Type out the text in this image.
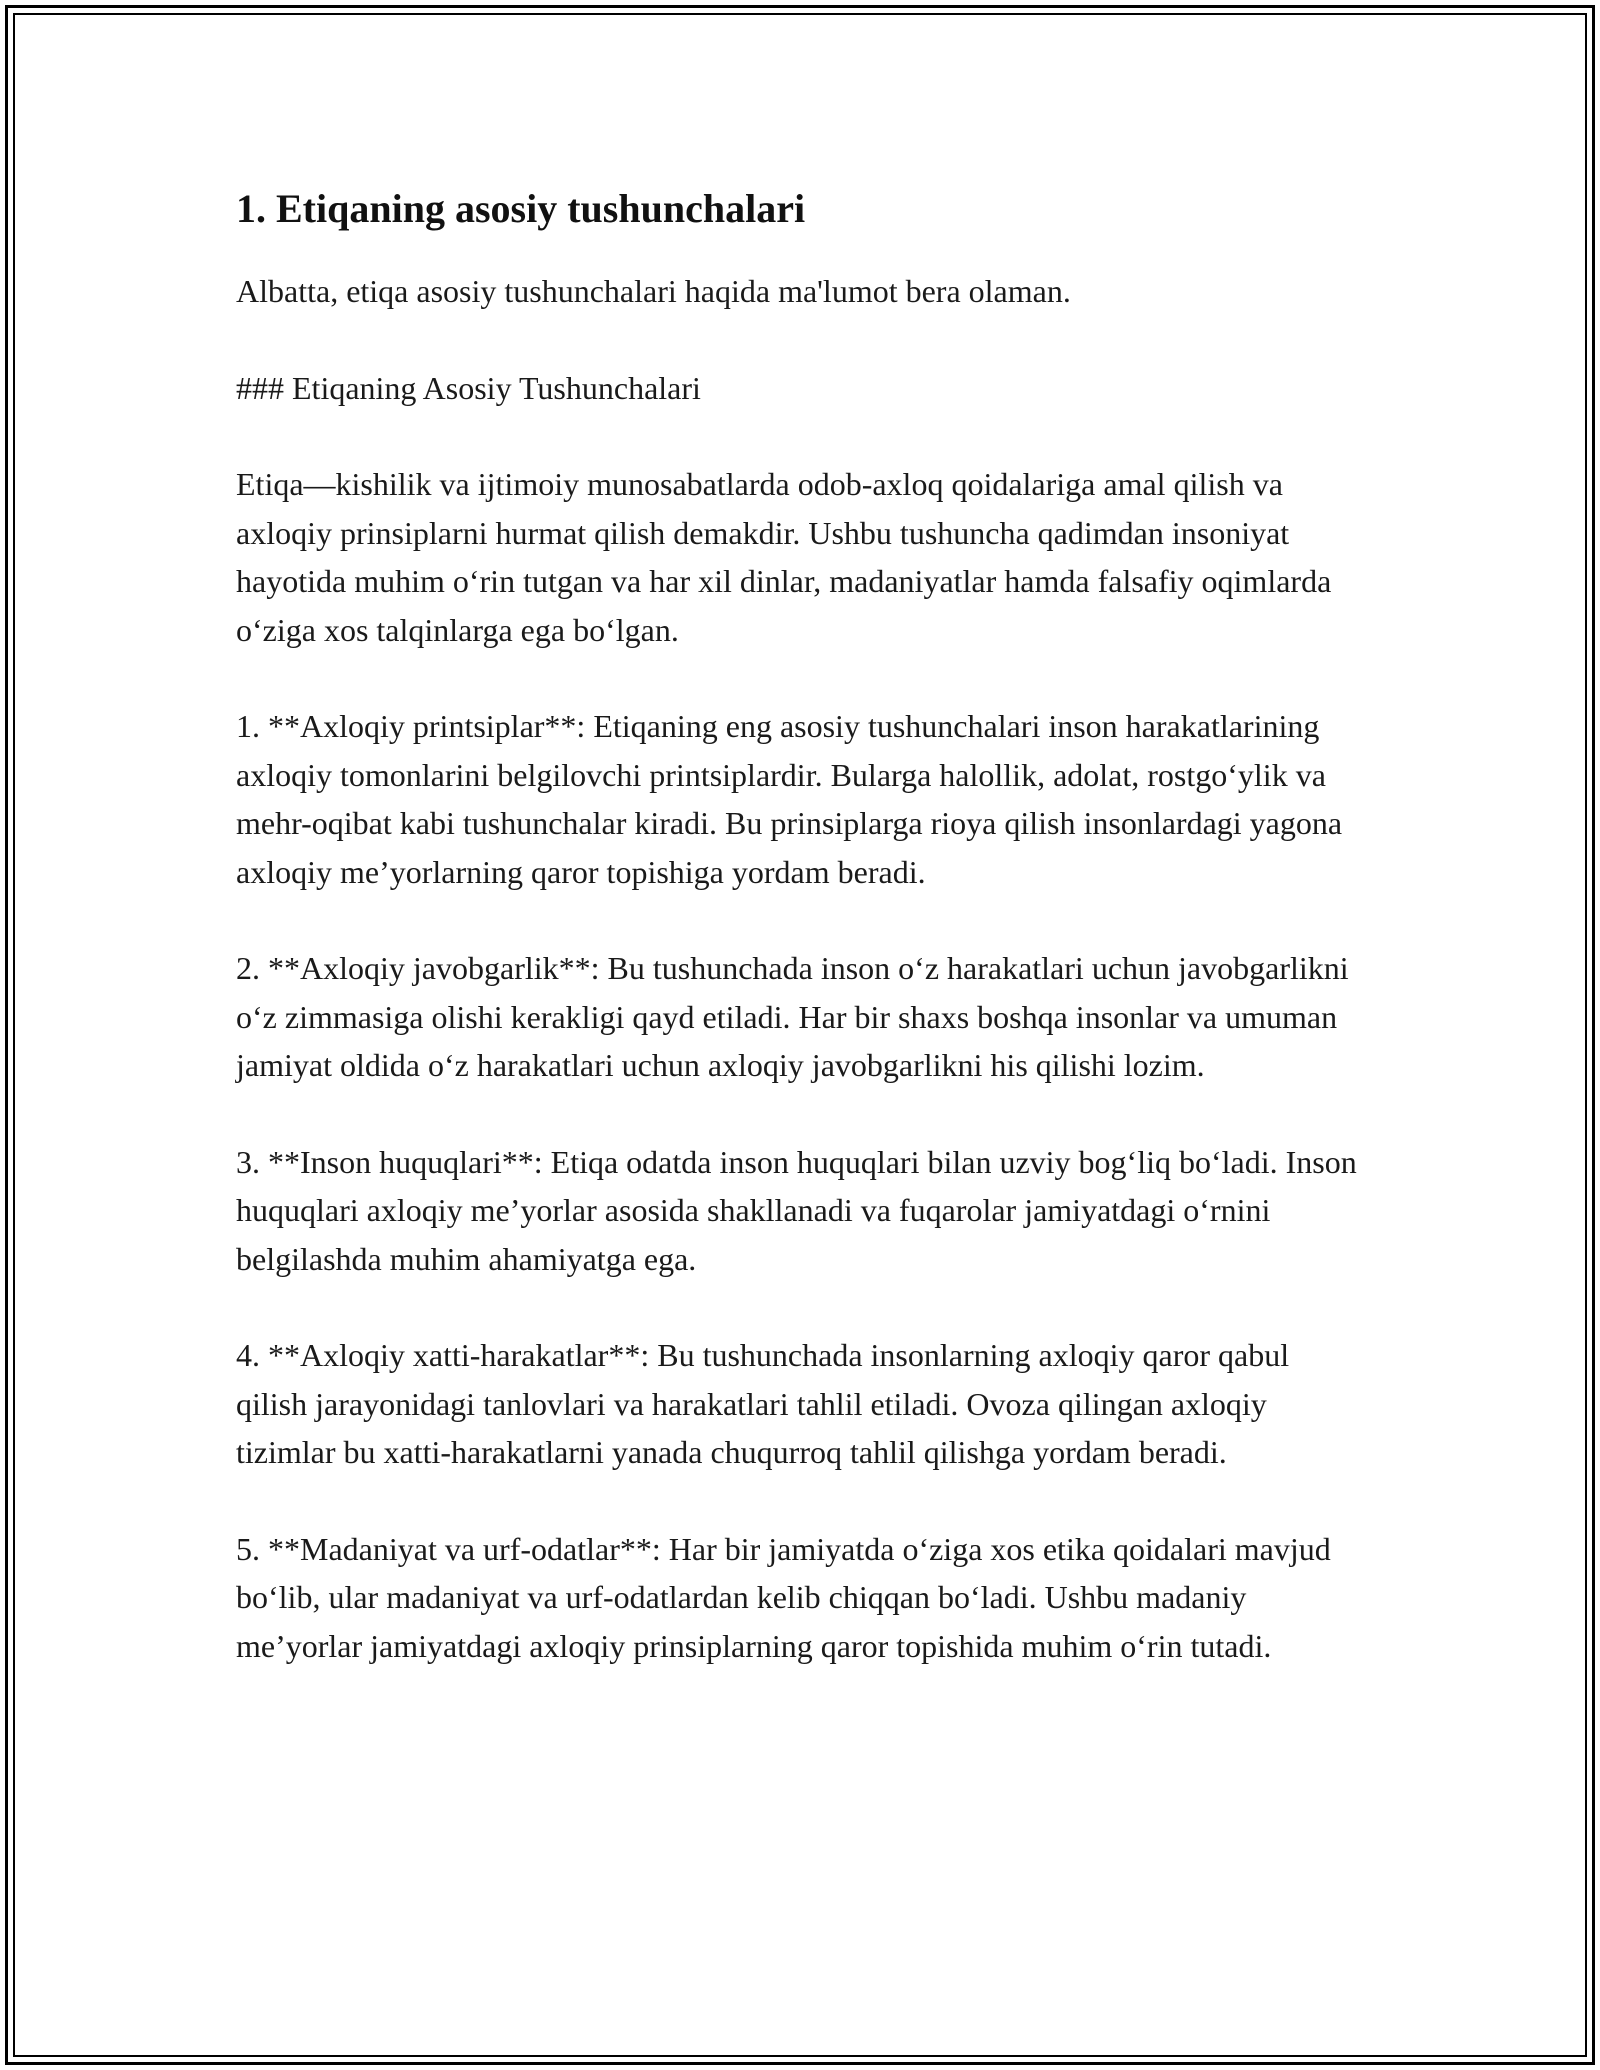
1. Etiqaning asosiy tushunchalari

Albatta, etiqa asosiy tushunchalari haqida ma'lumot bera olaman.

### Etiqaning Asosiy Tushunchalari

Etiqa—kishilik va ijtimoiy munosabatlarda odob-axloq qoidalariga amal qilish va axloqiy prinsiplarni hurmat qilish demakdir. Ushbu tushuncha qadimdan insoniyat hayotida muhim oʻrin tutgan va har xil dinlar, madaniyatlar hamda falsafiy oqimlarda oʻziga xos talqinlarga ega boʻlgan.

1. **Axloqiy printsiplar**: Etiqaning eng asosiy tushunchalari inson harakatlarining axloqiy tomonlarini belgilovchi printsiplardir. Bularga halollik, adolat, rostgoʻylik va mehr-oqibat kabi tushunchalar kiradi. Bu prinsiplarga rioya qilish insonlardagi yagona axloqiy me’yorlarning qaror topishiga yordam beradi.

2. **Axloqiy javobgarlik**: Bu tushunchada inson oʻz harakatlari uchun javobgarlikni oʻz zimmasiga olishi kerakligi qayd etiladi. Har bir shaxs boshqa insonlar va umuman jamiyat oldida oʻz harakatlari uchun axloqiy javobgarlikni his qilishi lozim.

3. **Inson huquqlari**: Etiqa odatda inson huquqlari bilan uzviy bogʻliq boʻladi. Inson huquqlari axloqiy me’yorlar asosida shakllanadi va fuqarolar jamiyatdagi oʻrnini belgilashda muhim ahamiyatga ega.

4. **Axloqiy xatti-harakatlar**: Bu tushunchada insonlarning axloqiy qaror qabul qilish jarayonidagi tanlovlari va harakatlari tahlil etiladi. Ovoza qilingan axloqiy tizimlar bu xatti-harakatlarni yanada chuqurroq tahlil qilishga yordam beradi.

5. **Madaniyat va urf-odatlar**: Har bir jamiyatda oʻziga xos etika qoidalari mavjud boʻlib, ular madaniyat va urf-odatlardan kelib chiqqan boʻladi. Ushbu madaniy me’yorlar jamiyatdagi axloqiy prinsiplarning qaror topishida muhim oʻrin tutadi.
